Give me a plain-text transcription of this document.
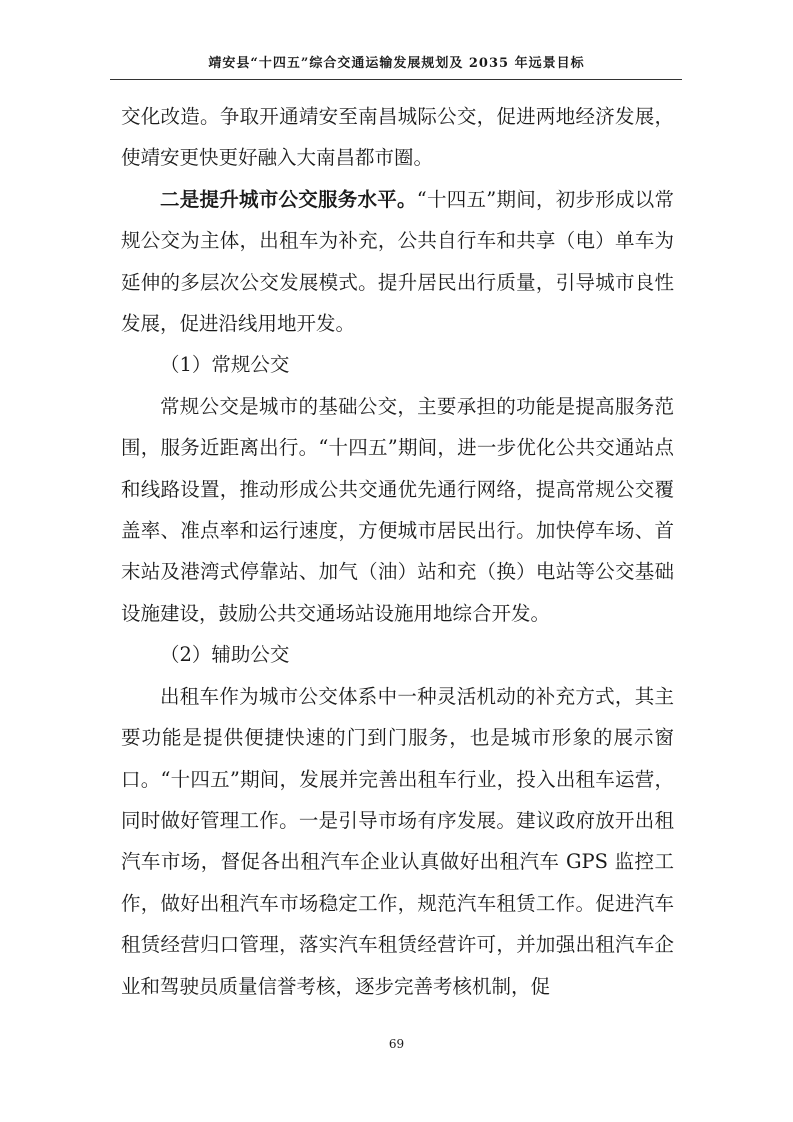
靖安县“十四五”综合交通运输发展规划及 2035 年远景目标

交化改造。争取开通靖安至南昌城际公交，促进两地经济发展，使靖安更快更好融入大南昌都市圈。

二是提升城市公交服务水平。“十四五”期间，初步形成以常规公交为主体，出租车为补充，公共自行车和共享（电）单车为延伸的多层次公交发展模式。提升居民出行质量，引导城市良性发展，促进沿线用地开发。

（1）常规公交

常规公交是城市的基础公交，主要承担的功能是提高服务范围，服务近距离出行。“十四五”期间，进一步优化公共交通站点和线路设置，推动形成公共交通优先通行网络，提高常规公交覆盖率、准点率和运行速度，方便城市居民出行。加快停车场、首末站及港湾式停靠站、加气（油）站和充（换）电站等公交基础设施建设，鼓励公共交通场站设施用地综合开发。

（2）辅助公交

出租车作为城市公交体系中一种灵活机动的补充方式，其主要功能是提供便捷快速的门到门服务，也是城市形象的展示窗口。“十四五”期间，发展并完善出租车行业，投入出租车运营，同时做好管理工作。一是引导市场有序发展。建议政府放开出租汽车市场，督促各出租汽车企业认真做好出租汽车 GPS 监控工作，做好出租汽车市场稳定工作，规范汽车租赁工作。促进汽车租赁经营归口管理，落实汽车租赁经营许可，并加强出租汽车企业和驾驶员质量信誉考核，逐步完善考核机制，促

69
